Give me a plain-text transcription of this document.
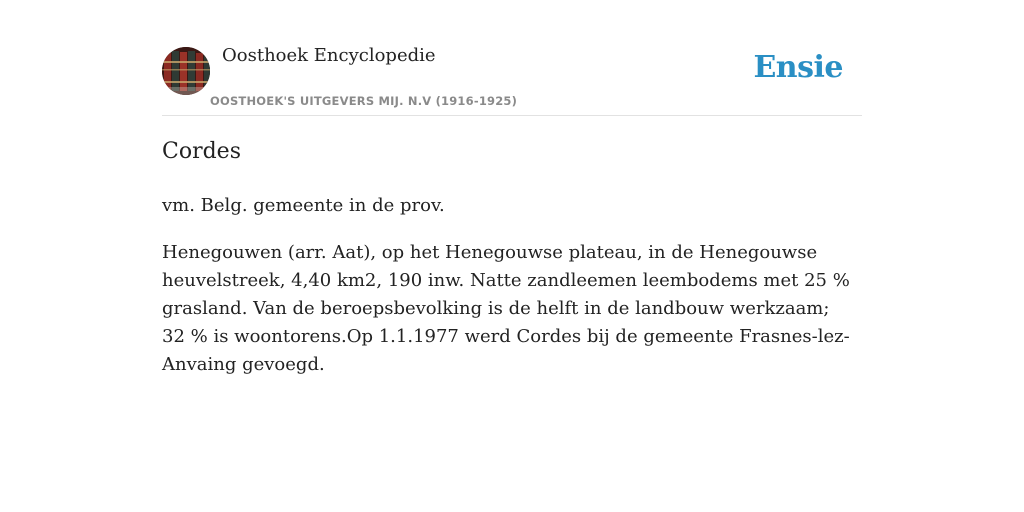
Oosthoek Encyclopedie
OOSTHOEK'S UITGEVERS MIJ. N.V (1916-1925)
Ensie
Cordes

vm. Belg. gemeente in de prov.

Henegouwen (arr. Aat), op het Henegouwse plateau, in de Henegouwse heuvelstreek, 4,40 km2, 190 inw. Natte zandleemen leembodems met 25 % grasland. Van de beroepsbevolking is de helft in de landbouw werkzaam; 32 % is woontorens.Op 1.1.1977 werd Cordes bij de gemeente Frasnes-lez-Anvaing gevoegd.
